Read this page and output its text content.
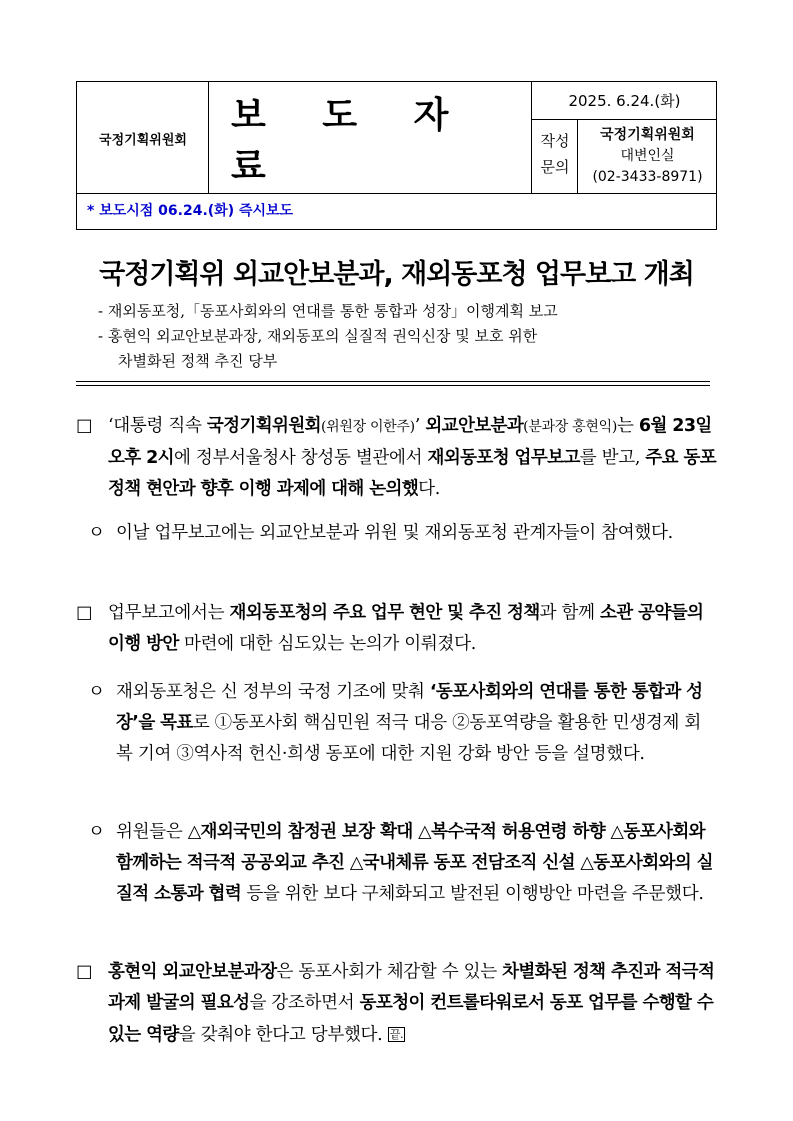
국정기획위원회
보 도 자 료
2025. 6.24.(화)
작성
문의
국정기획위원회
대변인실
(02-3433-8971)
* 보도시점 06.24.(화) 즉시보도
국정기획위 외교안보분과, 재외동포청 업무보고 개최
- 재외동포청,「동포사회와의 연대를 통한 통합과 성장」이행계획 보고
- 홍현익 외교안보분과장, 재외동포의 실질적 권익신장 및 보호 위한
차별화된 정책 추진 당부
□ ‘대통령 직속 국정기획위원회(위원장 이한주)’ 외교안보분과(분과장 홍현익)는 6월 23일 오후 2시에 정부서울청사 창성동 별관에서 재외동포청 업무보고를 받고, 주요 동포정책 현안과 향후 이행 과제에 대해 논의했다.
ㅇ 이날 업무보고에는 외교안보분과 위원 및 재외동포청 관계자들이 참여했다.
□ 업무보고에서는 재외동포청의 주요 업무 현안 및 추진 정책과 함께 소관 공약들의 이행 방안 마련에 대한 심도있는 논의가 이뤄졌다.
ㅇ 재외동포청은 신 정부의 국정 기조에 맞춰 ‘동포사회와의 연대를 통한 통합과 성장’을 목표로 ①동포사회 핵심민원 적극 대응 ②동포역량을 활용한 민생경제 회복 기여 ③역사적 헌신·희생 동포에 대한 지원 강화 방안 등을 설명했다.
ㅇ 위원들은 △재외국민의 참정권 보장 확대 △복수국적 허용연령 하향 △동포사회와 함께하는 적극적 공공외교 추진 △국내체류 동포 전담조직 신설 △동포사회와의 실질적 소통과 협력 등을 위한 보다 구체화되고 발전된 이행방안 마련을 주문했다.
□ 홍현익 외교안보분과장은 동포사회가 체감할 수 있는 차별화된 정책 추진과 적극적 과제 발굴의 필요성을 강조하면서 동포청이 컨트롤타워로서 동포 업무를 수행할 수 있는 역량을 갖춰야 한다고 당부했다. 끝.
